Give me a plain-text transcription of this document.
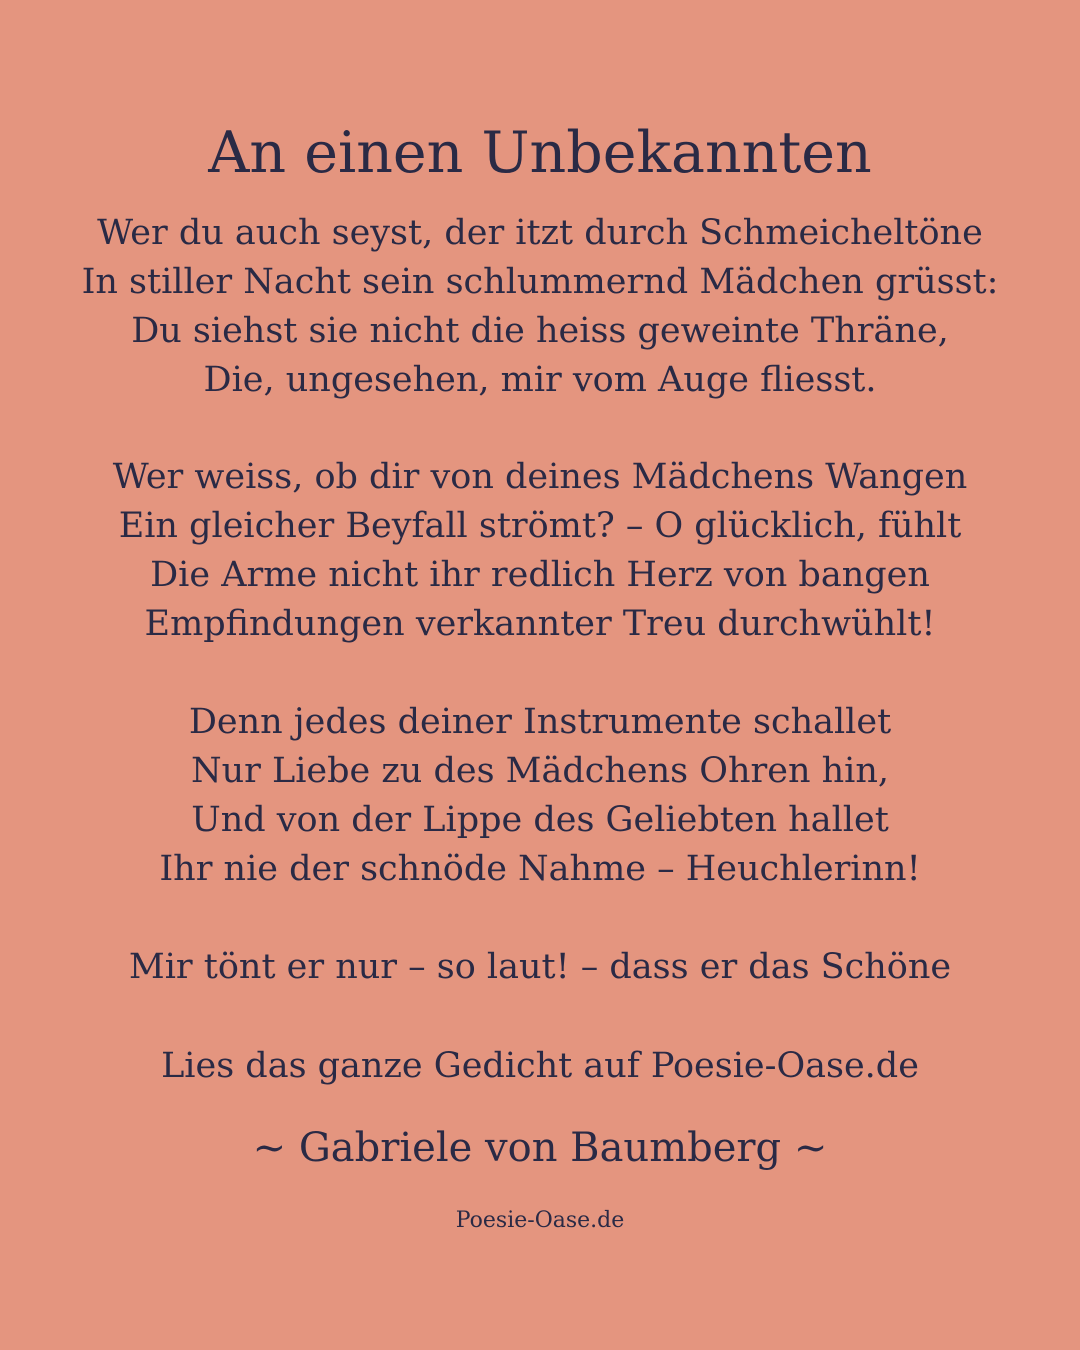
An einen Unbekannten
Wer du auch seyst, der itzt durch Schmeicheltöne
In stiller Nacht sein schlummernd Mädchen grüsst:
Du siehst sie nicht die heiss geweinte Thräne,
Die, ungesehen, mir vom Auge fliesst.
Wer weiss, ob dir von deines Mädchens Wangen
Ein gleicher Beyfall strömt? – O glücklich, fühlt
Die Arme nicht ihr redlich Herz von bangen
Empfindungen verkannter Treu durchwühlt!
Denn jedes deiner Instrumente schallet
Nur Liebe zu des Mädchens Ohren hin,
Und von der Lippe des Geliebten hallet
Ihr nie der schnöde Nahme – Heuchlerinn!
Mir tönt er nur – so laut! – dass er das Schöne
Lies das ganze Gedicht auf Poesie-Oase.de
~ Gabriele von Baumberg ~
Poesie-Oase.de
